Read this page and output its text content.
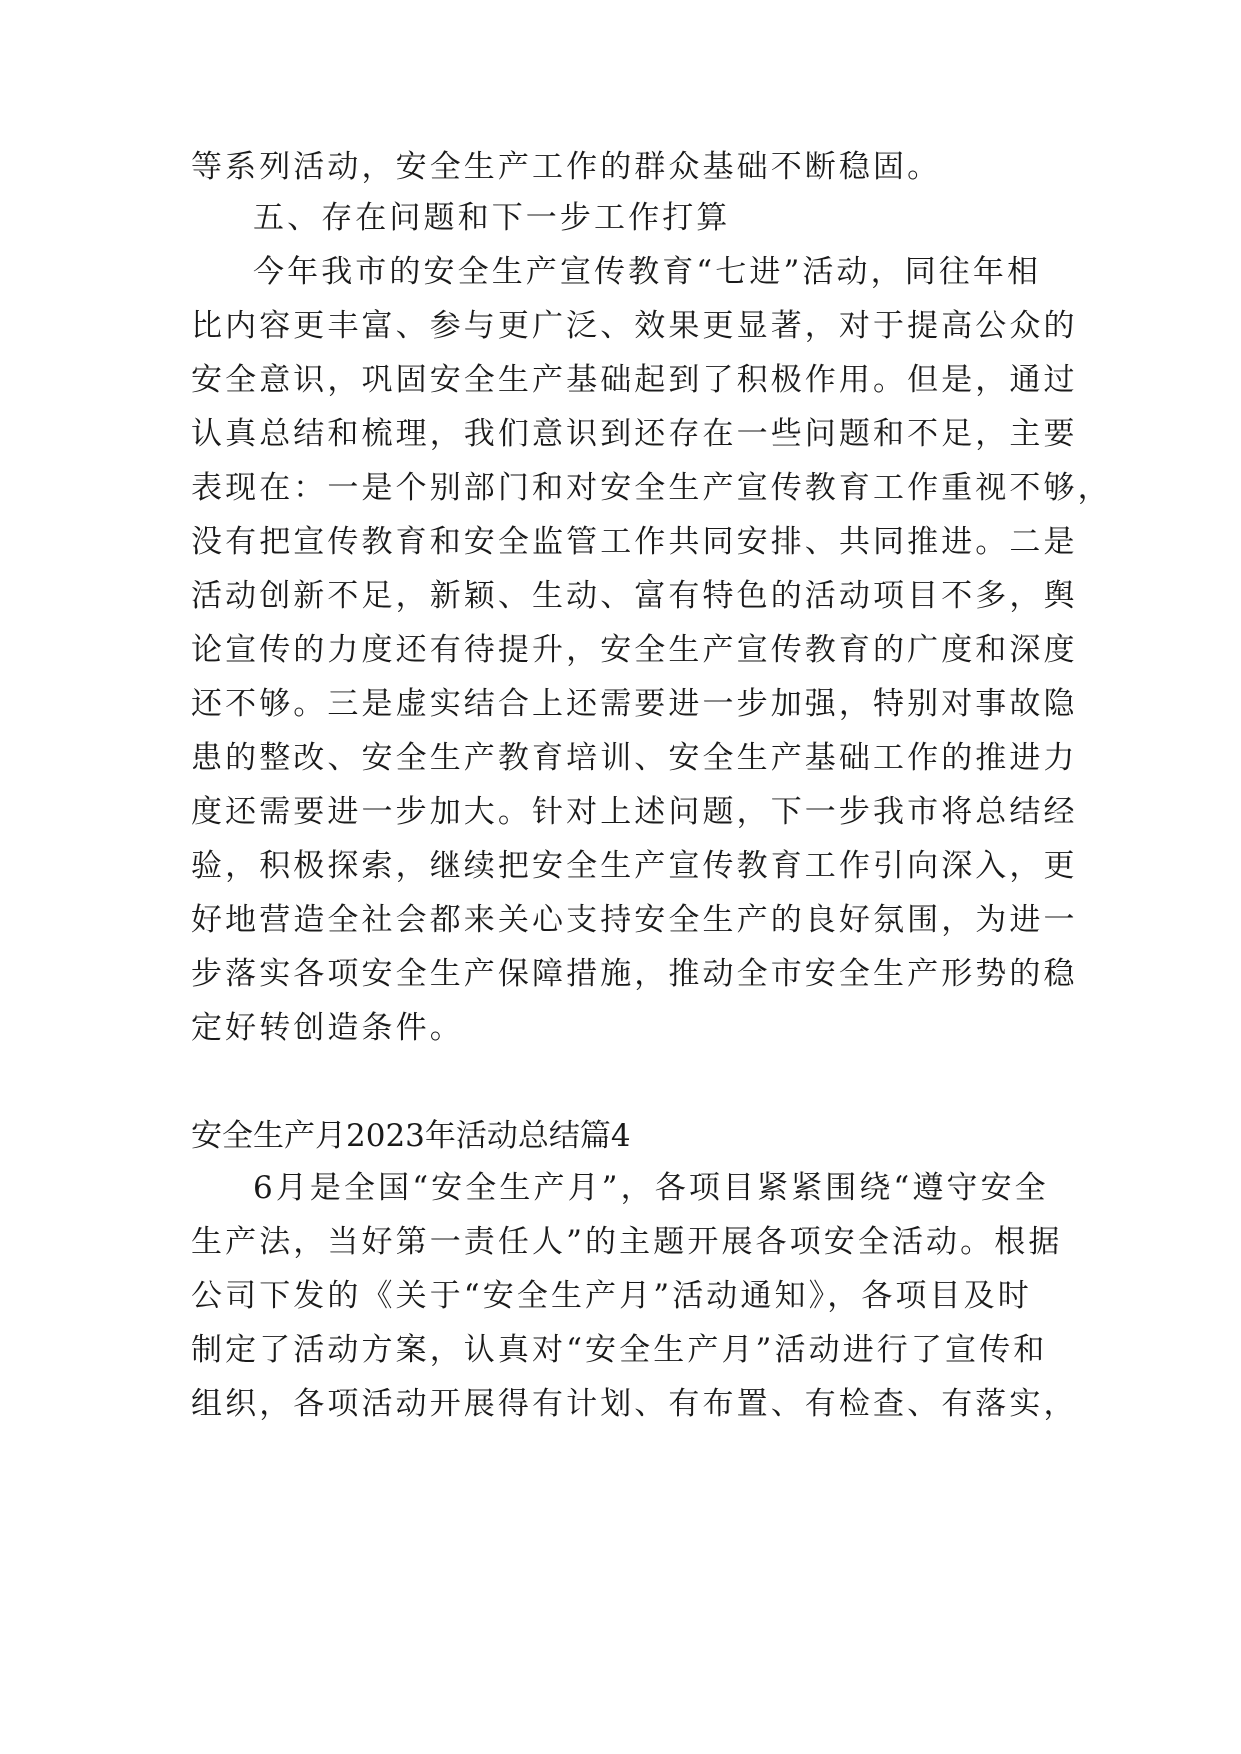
等系列活动，安全生产工作的群众基础不断稳固。
五、存在问题和下一步工作打算
今年我市的安全生产宣传教育“七进”活动，同往年相
比内容更丰富、参与更广泛、效果更显著，对于提高公众的
安全意识，巩固安全生产基础起到了积极作用。但是，通过
认真总结和梳理，我们意识到还存在一些问题和不足，主要
表现在：一是个别部门和对安全生产宣传教育工作重视不够，
没有把宣传教育和安全监管工作共同安排、共同推进。二是
活动创新不足，新颖、生动、富有特色的活动项目不多，舆
论宣传的力度还有待提升，安全生产宣传教育的广度和深度
还不够。三是虚实结合上还需要进一步加强，特别对事故隐
患的整改、安全生产教育培训、安全生产基础工作的推进力
度还需要进一步加大。针对上述问题，下一步我市将总结经
验，积极探索，继续把安全生产宣传教育工作引向深入，更
好地营造全社会都来关心支持安全生产的良好氛围，为进一
步落实各项安全生产保障措施，推动全市安全生产形势的稳
定好转创造条件。
安全生产月2023年活动总结篇4
6月是全国“安全生产月”，各项目紧紧围绕“遵守安全
生产法，当好第一责任人”的主题开展各项安全活动。根据
公司下发的《关于“安全生产月”活动通知》，各项目及时
制定了活动方案，认真对“安全生产月”活动进行了宣传和
组织，各项活动开展得有计划、有布置、有检查、有落实，
